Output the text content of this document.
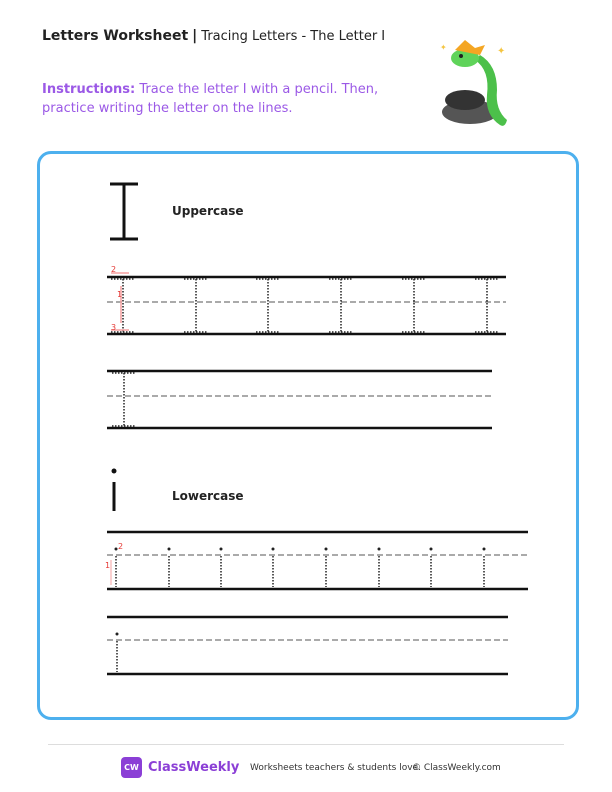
Letters Worksheet | Tracing Letters - The Letter I
Instructions: Trace the letter I with a pencil. Then, practice writing the letter on the lines.
✦
✦
1
2
3
1
2
Uppercase
Lowercase
CW ClassWeekly Worksheets teachers & students love.
© ClassWeekly.com
